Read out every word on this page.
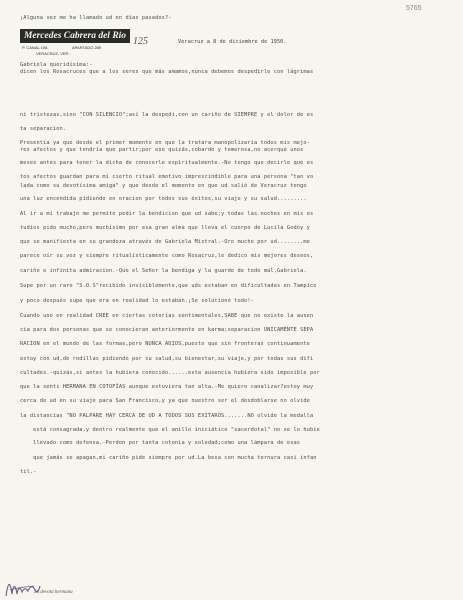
5765
¡Alguna vez me ha llamado ud en días pasados?-
Mercedes Cabrera del Rio
P. CANAL 108.	APARTADO 289
VERACRUZ, VER.
125	Veracruz a 8 de diciembre de 1950.
Gabriela queridísima:-
dicen los Rosacruces que a los seres que más amamos,nunca debemos despedirle con lágrimas
ni tristezas,sino "CON SILENCIO";así la despedí,con un cariño de SIEMPRE y el dolor de es
ta separacion.
Presentía ya que desde el primer momento en que la tratara manopolizaría todos mis mejo-
res afectos y que tendría que partir;por eso quizás,cobarde y temerosa,no acerqué unos
meses antes para tener la dicha de conocerle espiritualmente.-No tengo que decirle que es
tos afectos guardan para mí cierto ritual emotivo imprescindible para una persona "tan vo
lada como su devotísima amiga" y que desde el momento en que ud salió de Veracruz tengo
una luz encendida pidiendo en oracion por todos sus éxitos,su viaje y su salud.........
Al ir a mí trabajo me permito pedir la bendicion que ud sabe;y todas las noches en mis es
tudios pido mucho,pero muchísimo por esa gran alma que lleva el cuerpo de Lucila Godoy y
que se manifiesta en su grandeza através de Gabriela Mistral.-Oro mucho por ud........me
parece oír su voz y siempre ritualísticamente como Rosacruz,le dedico mis mejores deseos,
cariño e infinita admiracion.-Que el Señor la bendiga y la guarde de todo mal,Gabriela.
Supe por un raro "S.O.S"recibido invisiblemente,que uds estaban en dificultades en Tampico
y poco después supe que era en realidad lo estaban.¡Se solucionó todo!-
Cuando uno en realidad CREE en ciertas cotorías sentimentales,SABE que no existe la ausen
cia para dos personas que se conocieran anteriormente en karma;separacion UNICAMENTE SEPA
RACION en el mundo de las formas,pero NUNCA ADIOS,puesto que sin fronteras continuamente
estoy con ud,de rodillas pidiendo por su salud,su bienestar,su viaje,y por todas sus difi
cultades.-quizás,si antes la hubiera conocido......esta ausencia hubiera sido imposible por
que la sentí HERMANA EN COTOFÍAS aunque estuviera tan alta.-Me quiero canalizar?estoy muy
cerca de ud en su viaje para San Francisco,y ya que nuestro ser el desdoblarse no olvide
la distancias "NO PALPARE HAY CERCA DE UD A TODOS SUS EXITAROS.......NO olvide la medalla
está consagrada,y dentro realmente que el anillo iniciático "sacerdotal" no se lo hubie
llevado como defensa.-Perdon por tanta cotonía y soledad;como una lámpara de esas
que jamás se apagan,mi cariño pide siempre por ud.La besa con mucha ternura casi infan
til.-
Su devota hermana
